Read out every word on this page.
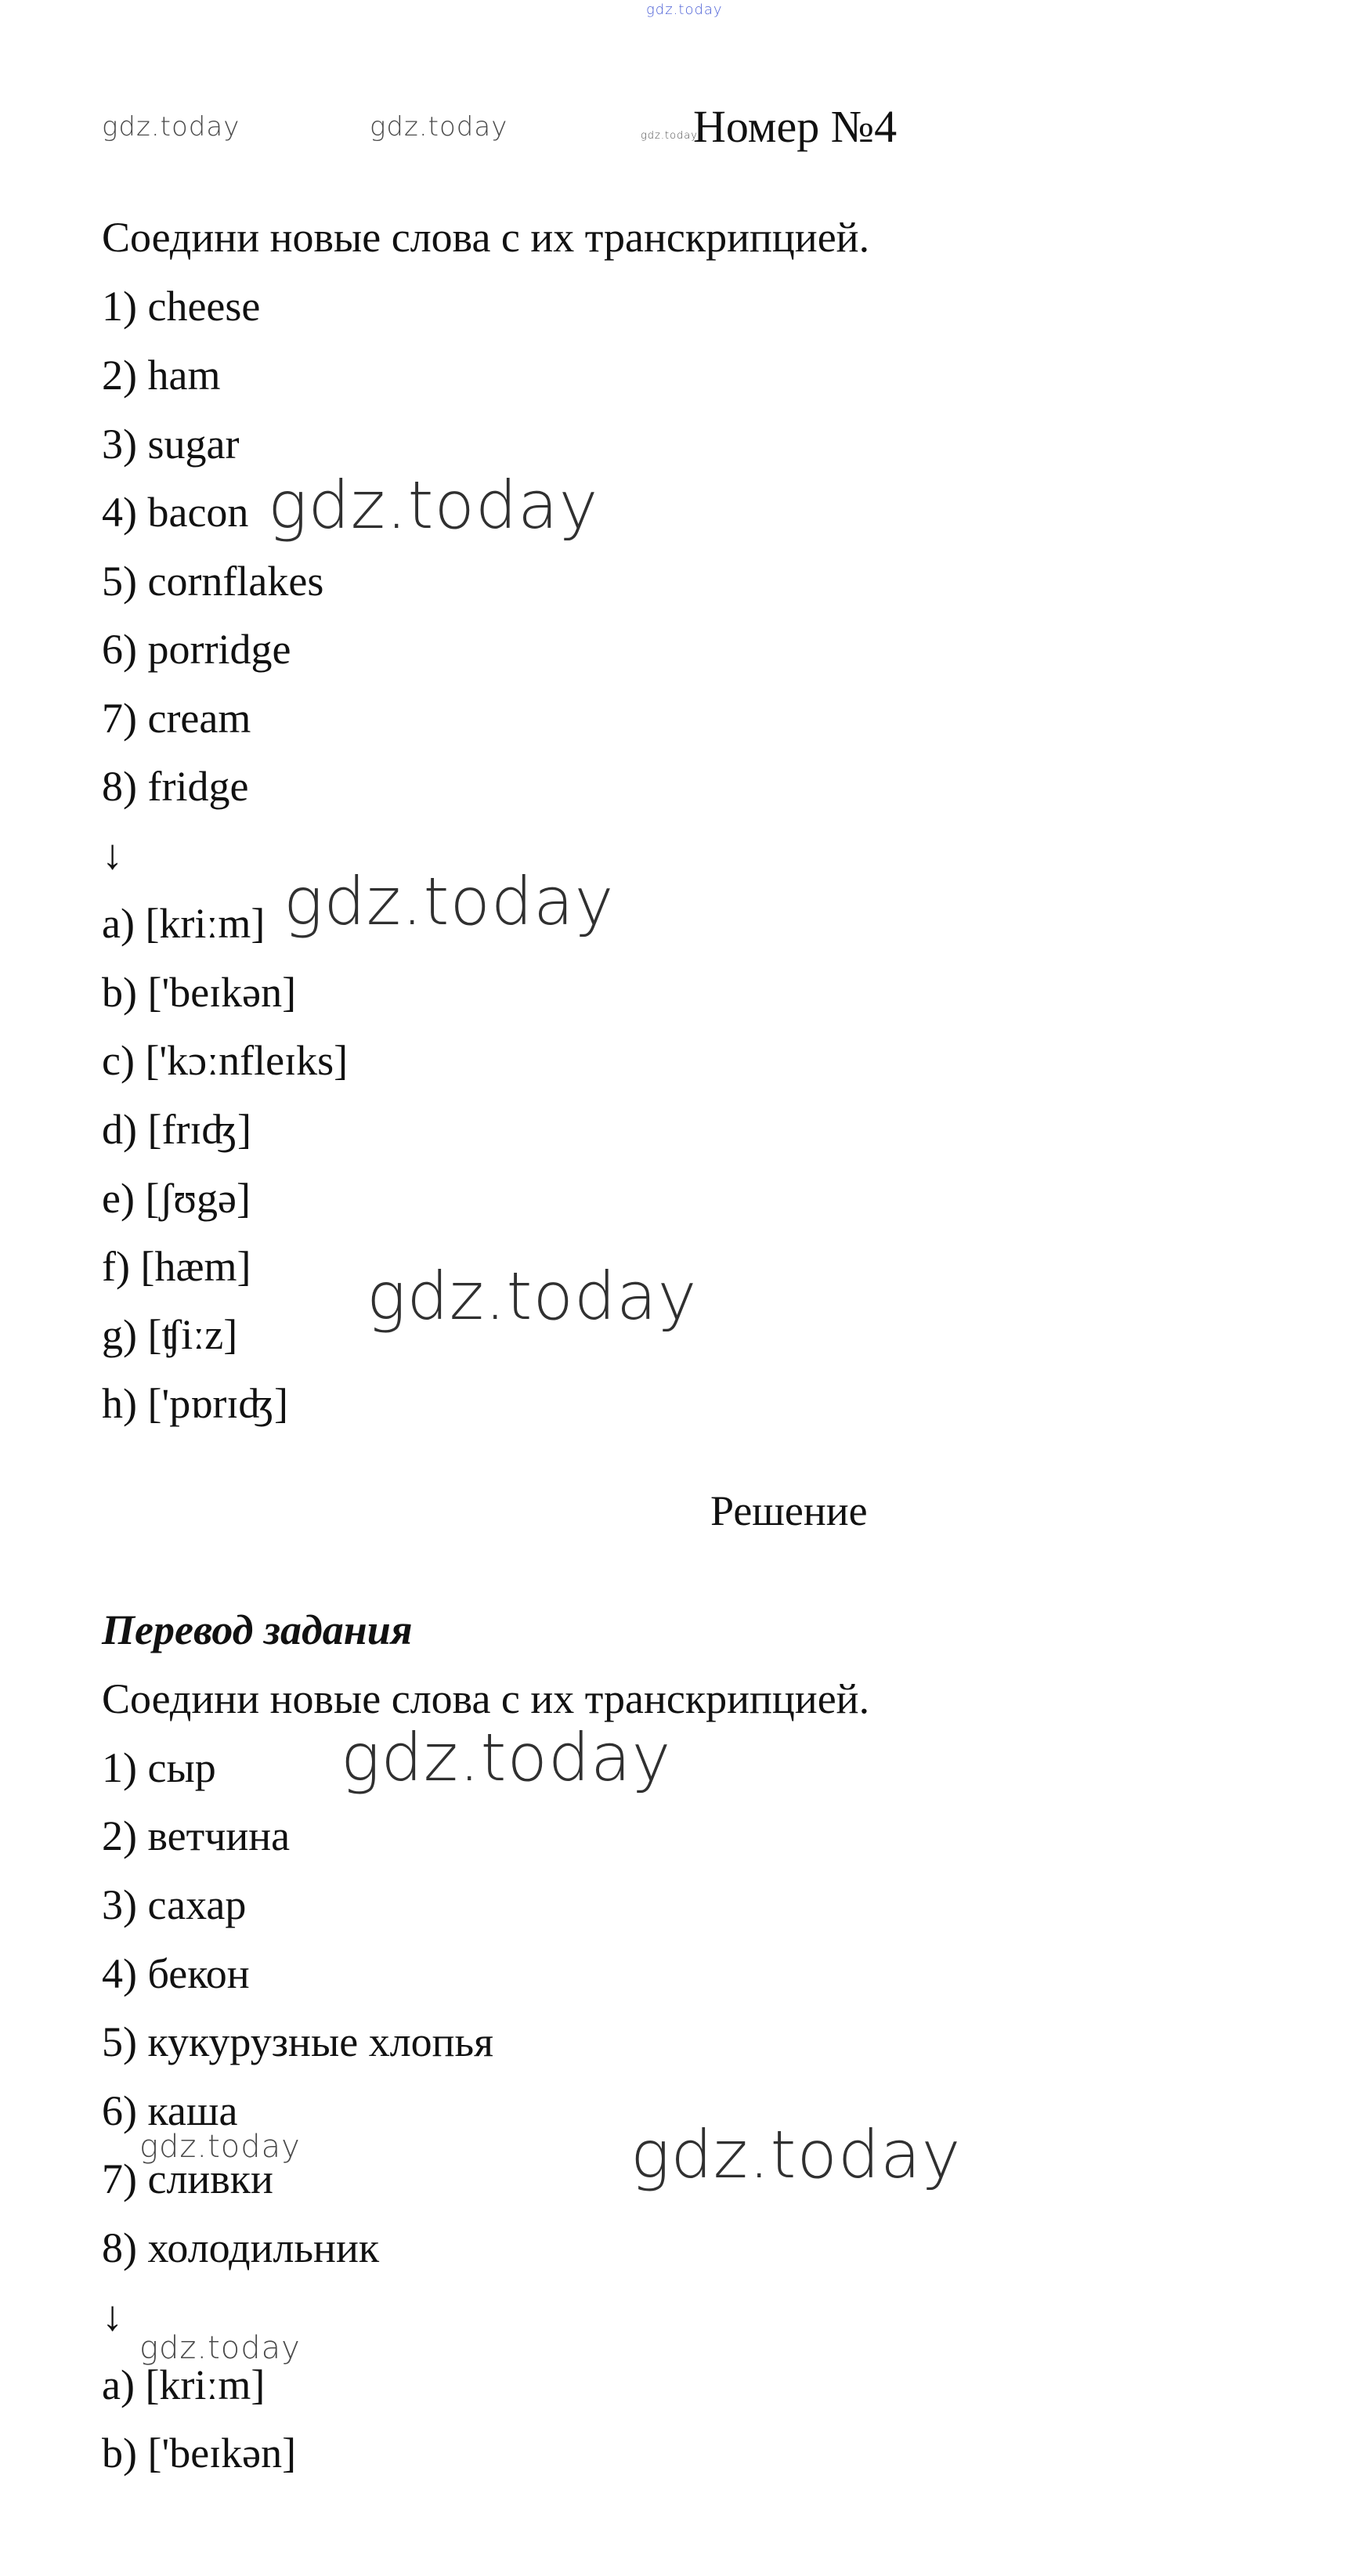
gdz.today
gdz.today	gdz.today	gdz.today
Номер №4
Соедини новые слова с их транскрипцией.
1) cheese
2) ham
3) sugar
4) bacon
5) cornflakes
6) porridge
7) cream
8) fridge
↓
a) [kriːm]
b) ['beɪkən]
c) ['kɔːnfleɪks]
d) [frɪʤ]
e) [ʃʊgə]
f) [hæm]
g) [ʧiːz]
h) ['pɒrɪʤ]
Решение
Перевод задания
Соедини новые слова с их транскрипцией.
1) сыр
2) ветчина
3) сахар
4) бекон
5) кукурузные хлопья
6) каша
7) сливки
8) холодильник
↓
a) [kriːm]
b) ['beɪkən]
gdz.today
gdz.today
gdz.today
gdz.today
gdz.today
gdz.today
gdz.today
